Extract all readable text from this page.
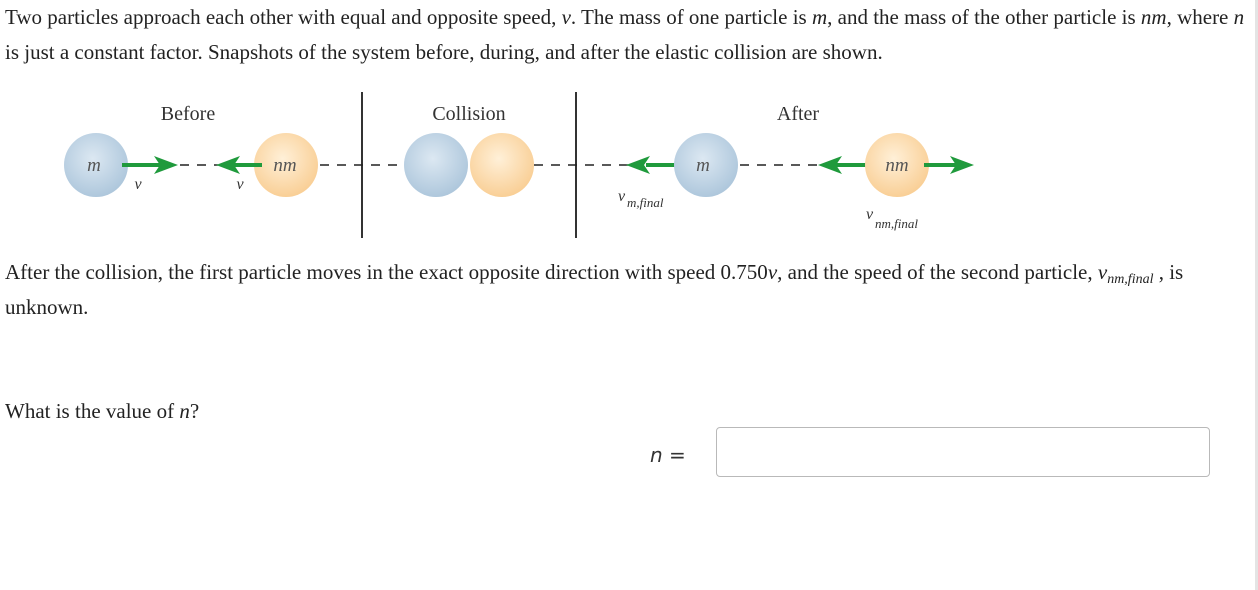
Two particles approach each other with equal and opposite speed, v. The mass of one particle is m, and the mass of the other particle is nm, where n is just a constant factor. Snapshots of the system before, during, and after the elastic collision are shown.

Before	Collision	After
m
v
nm
v
v m,final
m	nm
v
nm,final

After the collision, the first particle moves in the exact opposite direction with speed 0.750v, and the speed of the second particle, $v_{nm,final}$ , is unknown.

What is the value of n?

n =
